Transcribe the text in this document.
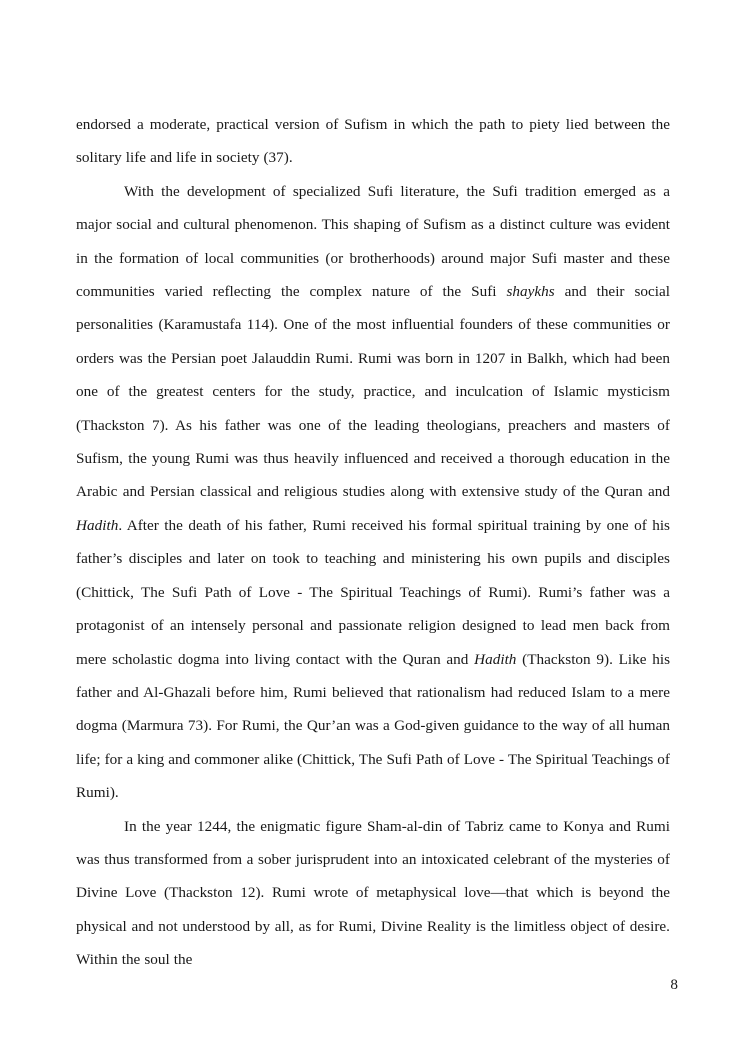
endorsed a moderate, practical version of Sufism in which the path to piety lied between the solitary life and life in society (37).

With the development of specialized Sufi literature, the Sufi tradition emerged as a major social and cultural phenomenon. This shaping of Sufism as a distinct culture was evident in the formation of local communities (or brotherhoods) around major Sufi master and these communities varied reflecting the complex nature of the Sufi shaykhs and their social personalities (Karamustafa 114). One of the most influential founders of these communities or orders was the Persian poet Jalauddin Rumi. Rumi was born in 1207 in Balkh, which had been one of the greatest centers for the study, practice, and inculcation of Islamic mysticism (Thackston 7). As his father was one of the leading theologians, preachers and masters of Sufism, the young Rumi was thus heavily influenced and received a thorough education in the Arabic and Persian classical and religious studies along with extensive study of the Quran and Hadith. After the death of his father, Rumi received his formal spiritual training by one of his father’s disciples and later on took to teaching and ministering his own pupils and disciples (Chittick, The Sufi Path of Love - The Spiritual Teachings of Rumi). Rumi’s father was a protagonist of an intensely personal and passionate religion designed to lead men back from mere scholastic dogma into living contact with the Quran and Hadith (Thackston 9). Like his father and Al-Ghazali before him, Rumi believed that rationalism had reduced Islam to a mere dogma (Marmura 73). For Rumi, the Qur’an was a God-given guidance to the way of all human life; for a king and commoner alike (Chittick, The Sufi Path of Love - The Spiritual Teachings of Rumi).

In the year 1244, the enigmatic figure Sham-al-din of Tabriz came to Konya and Rumi was thus transformed from a sober jurisprudent into an intoxicated celebrant of the mysteries of Divine Love (Thackston 12). Rumi wrote of metaphysical love—that which is beyond the physical and not understood by all, as for Rumi, Divine Reality is the limitless object of desire. Within the soul the

8
